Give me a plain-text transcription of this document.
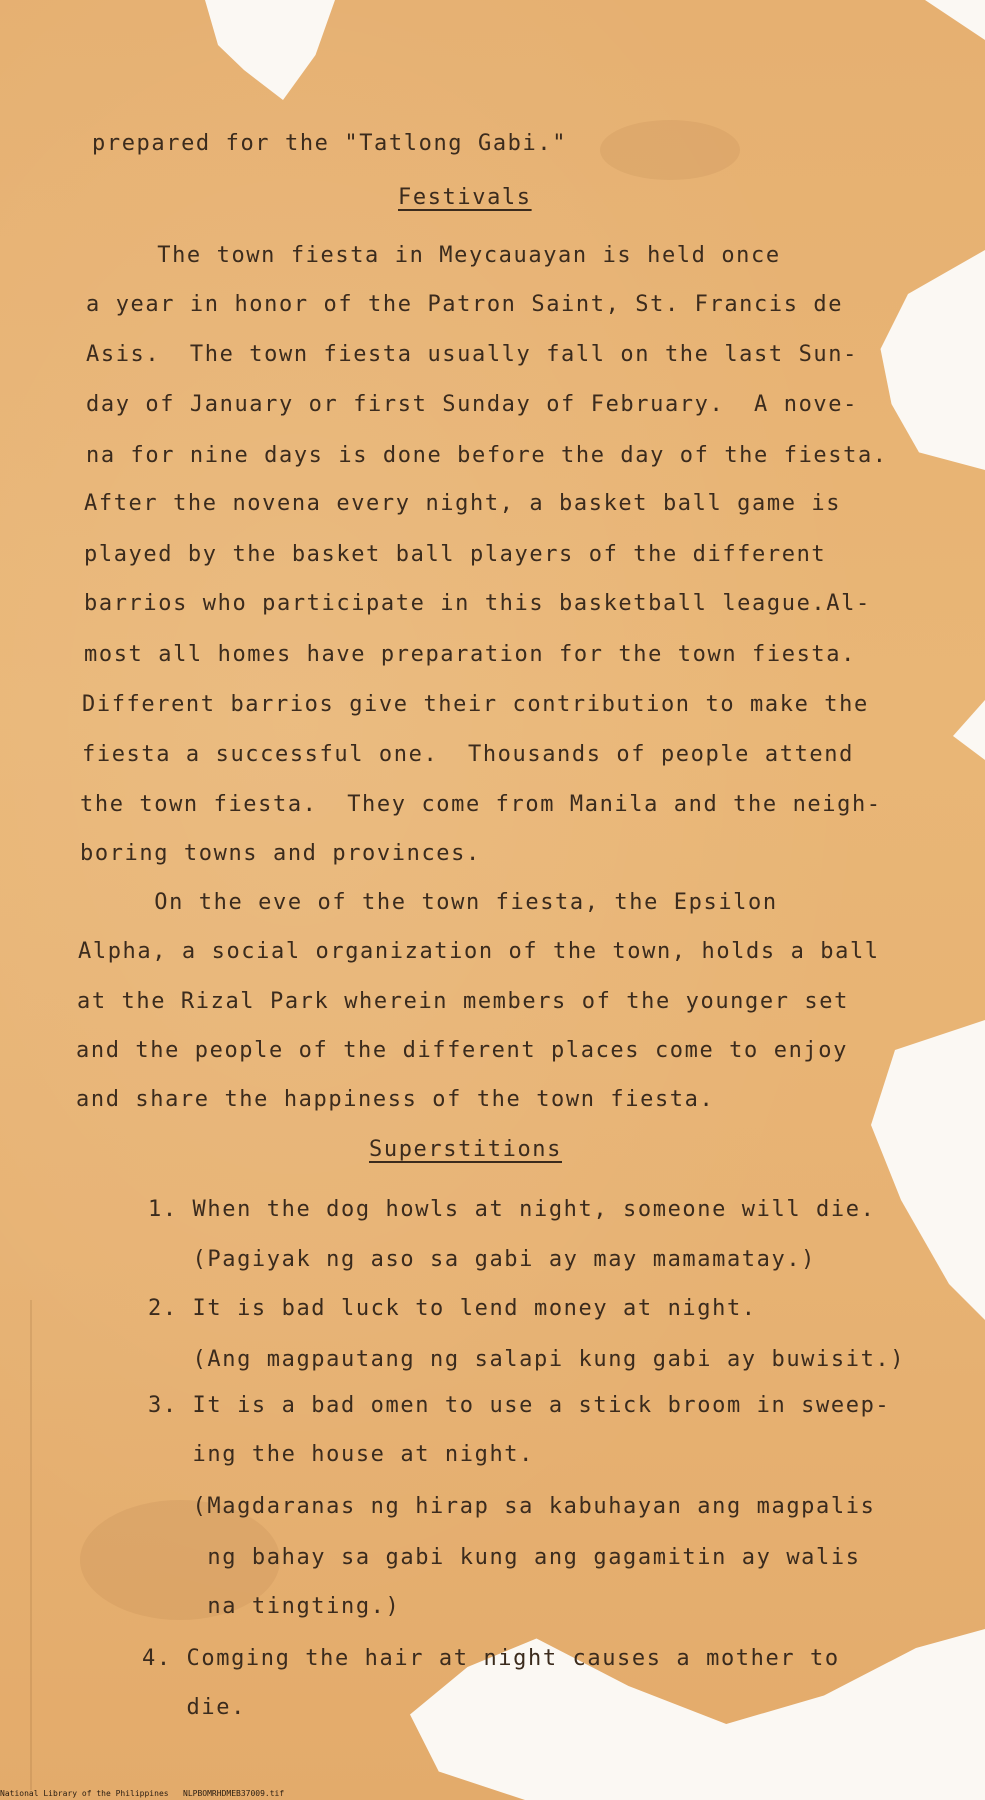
prepared for the "Tatlong Gabi."
Festivals
The town fiesta in Meycauayan is held once
a year in honor of the Patron Saint, St. Francis de
Asis.  The town fiesta usually fall on the last Sun-
day of January or first Sunday of February.  A nove-
na for nine days is done before the day of the fiesta.
After the novena every night, a basket ball game is
played by the basket ball players of the different
barrios who participate in this basketball league.Al-
most all homes have preparation for the town fiesta.
Different barrios give their contribution to make the
fiesta a successful one.  Thousands of people attend
the town fiesta.  They come from Manila and the neigh-
boring towns and provinces.
On the eve of the town fiesta, the Epsilon
Alpha, a social organization of the town, holds a ball
at the Rizal Park wherein members of the younger set
and the people of the different places come to enjoy
and share the happiness of the town fiesta.
Superstitions
1. When the dog howls at night, someone will die.
(Pagiyak ng aso sa gabi ay may mamamatay.)
2. It is bad luck to lend money at night.
(Ang magpautang ng salapi kung gabi ay buwisit.)
3. It is a bad omen to use a stick broom in sweep-
ing the house at night.
(Magdaranas ng hirap sa kabuhayan ang magpalis
ng bahay sa gabi kung ang gagamitin ay walis
na tingting.)
4. Comging the hair at night causes a mother to
die.
National Library of the Philippines NLPBOMRHDMEB37009.tif
